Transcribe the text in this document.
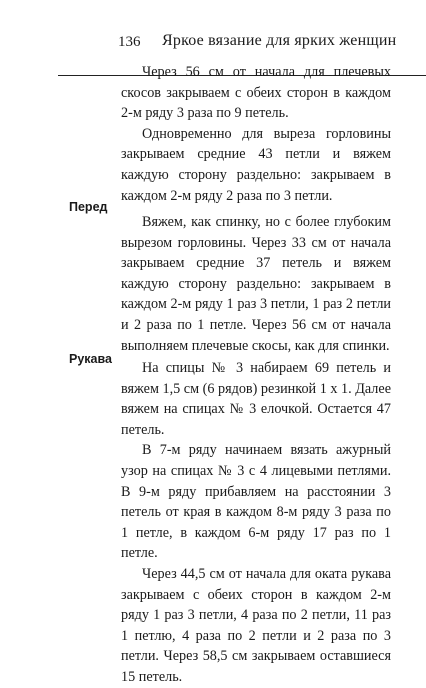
136 Яркое вязание для ярких женщин

Через 56 см от начала для плечевых скосов закрываем с обеих сторон в каждом 2-м ряду 3 раза по 9 петель.

Одновременно для выреза горловины закрываем средние 43 петли и вяжем каждую сторону раздельно: закрываем в каждом 2-м ряду 2 раза по 3 петли.

Перед

Вяжем, как спинку, но с более глубоким вырезом горловины. Через 33 см от начала закрываем средние 37 петель и вяжем каждую сторону раздельно: закрываем в каждом 2-м ряду 1 раз 3 петли, 1 раз 2 петли и 2 раза по 1 петле. Через 56 см от начала выполняем плечевые скосы, как для спинки.

Рукава

На спицы № 3 набираем 69 петель и вяжем 1,5 см (6 рядов) резинкой 1 х 1. Далее вяжем на спицах № 3 елочкой. Остается 47 петель.

В 7-м ряду начинаем вязать ажурный узор на спицах № 3 с 4 лицевыми петлями. В 9-м ряду прибавляем на расстоянии 3 петель от края в каждом 8-м ряду 3 раза по 1 петле, в каждом 6-м ряду 17 раз по 1 петле.

Через 44,5 см от начала для оката рукава закрываем с обеих сторон в каждом 2-м ряду 1 раз 3 петли, 4 раза по 2 петли, 11 раз 1 петлю, 4 раза по 2 петли и 2 раза по 3 петли. Через 58,5 см закрываем оставшиеся 15 петель.
